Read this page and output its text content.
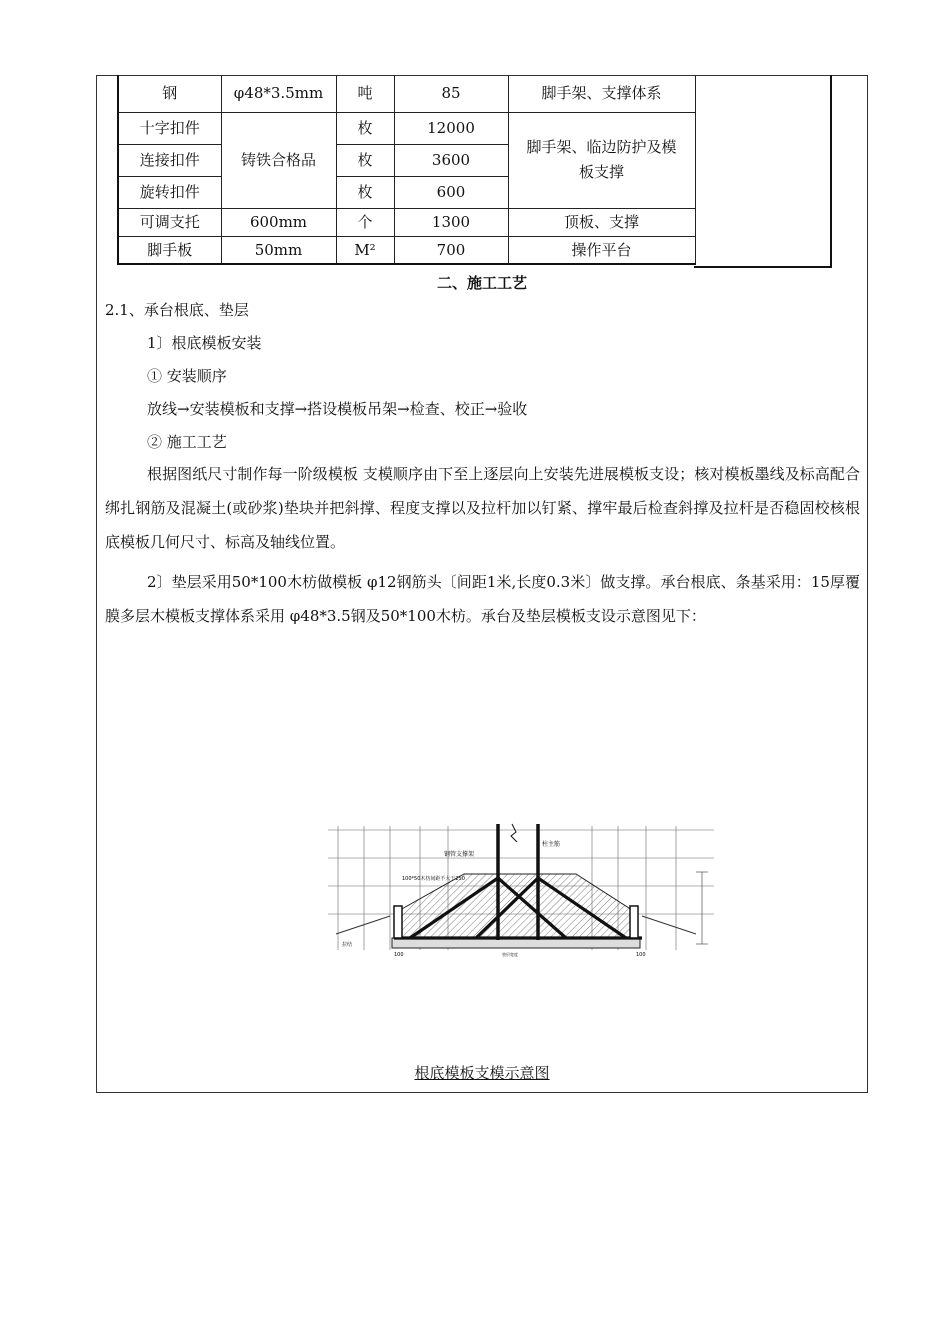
钢	φ48*3.5mm	吨	85	脚手架、支撑体系
十字扣件	铸铁合格品	枚	12000	脚手架、临边防护及模板支撑
连接扣件		枚	3600	
旋转扣件		枚	600	
可调支托	600mm	个	1300	顶板、支撑
脚手板	50mm	M²	700	操作平台
二、施工工艺
2.1、承台根底、垫层
1〕根底模板安装
① 安装顺序
放线→安装模板和支撑→搭设模板吊架→检查、校正→验收
② 施工工艺
根据图纸尺寸制作每一阶级模板 支模顺序由下至上逐层向上安装先进展模板支设；核对模板墨线及标高配合绑扎钢筋及混凝土(或砂浆)垫块并把斜撑、程度支撑以及拉杆加以钉紧、撑牢最后检查斜撑及拉杆是否稳固校核根底模板几何尺寸、标高及轴线位置。
2〕垫层采用50*100木枋做模板 φ12钢筋头〔间距1米,长度0.3米〕做支撑。承台根底、条基采用：15厚覆膜多层木模板支撑体系采用 φ48*3.5钢及50*100木枋。承台及垫层模板支设示意图见下：
钢管支撑架
柱主筋
100*50木枋间距不大于250
拉结
100	100
垫层宽度
根底模板支模示意图
